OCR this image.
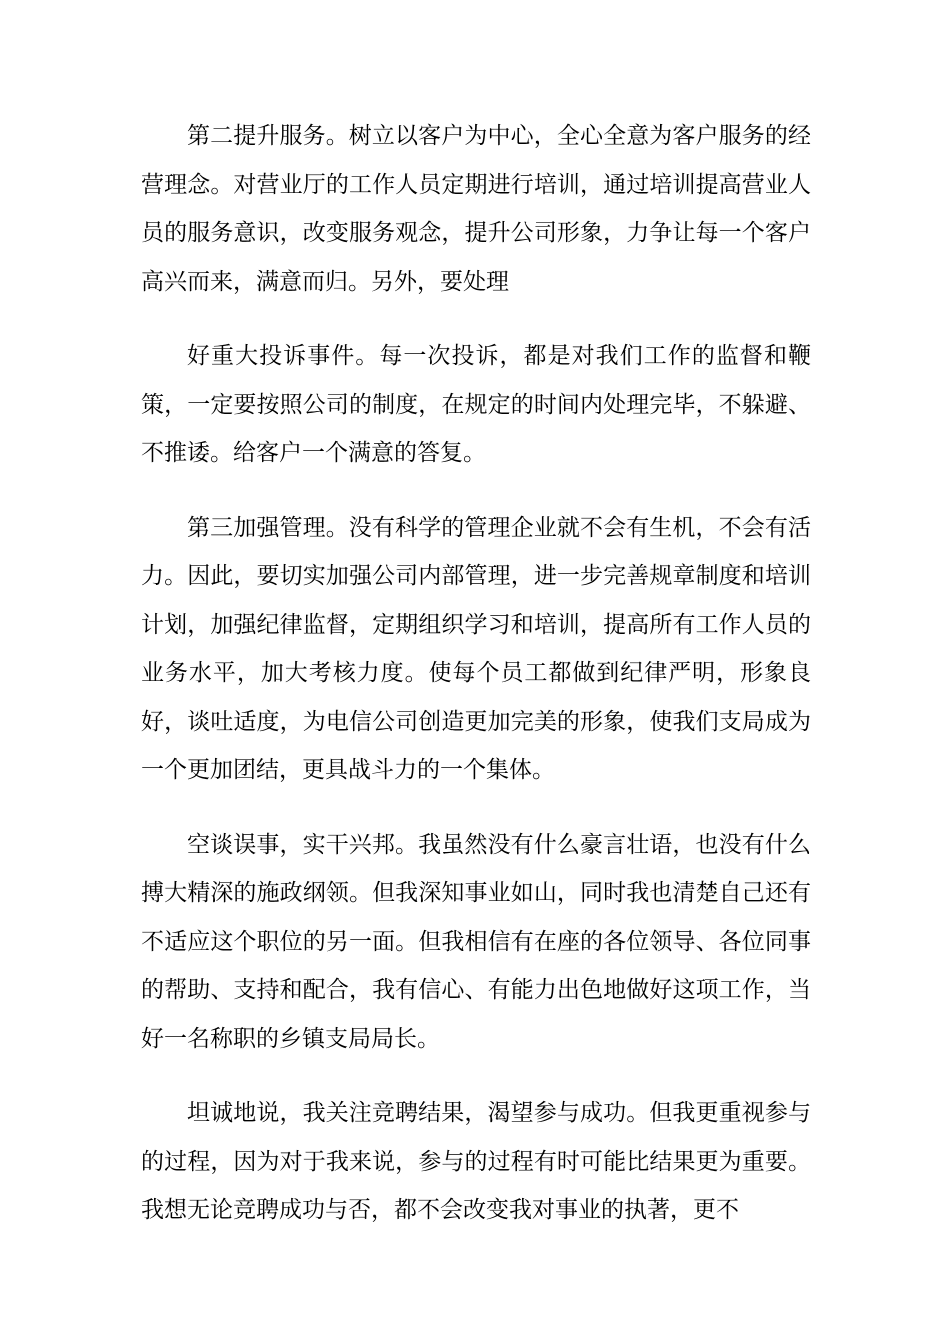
第二提升服务。树立以客户为中心，全心全意为客户服务的经营理念。对营业厅的工作人员定期进行培训，通过培训提高营业人员的服务意识，改变服务观念，提升公司形象，力争让每一个客户高兴而来，满意而归。另外，要处理

好重大投诉事件。每一次投诉，都是对我们工作的监督和鞭策，一定要按照公司的制度，在规定的时间内处理完毕，不躲避、不推诿。给客户一个满意的答复。

第三加强管理。没有科学的管理企业就不会有生机，不会有活力。因此，要切实加强公司内部管理，进一步完善规章制度和培训计划，加强纪律监督，定期组织学习和培训，提高所有工作人员的业务水平，加大考核力度。使每个员工都做到纪律严明，形象良好，谈吐适度，为电信公司创造更加完美的形象，使我们支局成为一个更加团结，更具战斗力的一个集体。

空谈误事，实干兴邦。我虽然没有什么豪言壮语，也没有什么搏大精深的施政纲领。但我深知事业如山，同时我也清楚自己还有不适应这个职位的另一面。但我相信有在座的各位领导、各位同事的帮助、支持和配合，我有信心、有能力出色地做好这项工作，当好一名称职的乡镇支局局长。

坦诚地说，我关注竞聘结果，渴望参与成功。但我更重视参与的过程，因为对于我来说，参与的过程有时可能比结果更为重要。我想无论竞聘成功与否，都不会改变我对事业的执著，更不
